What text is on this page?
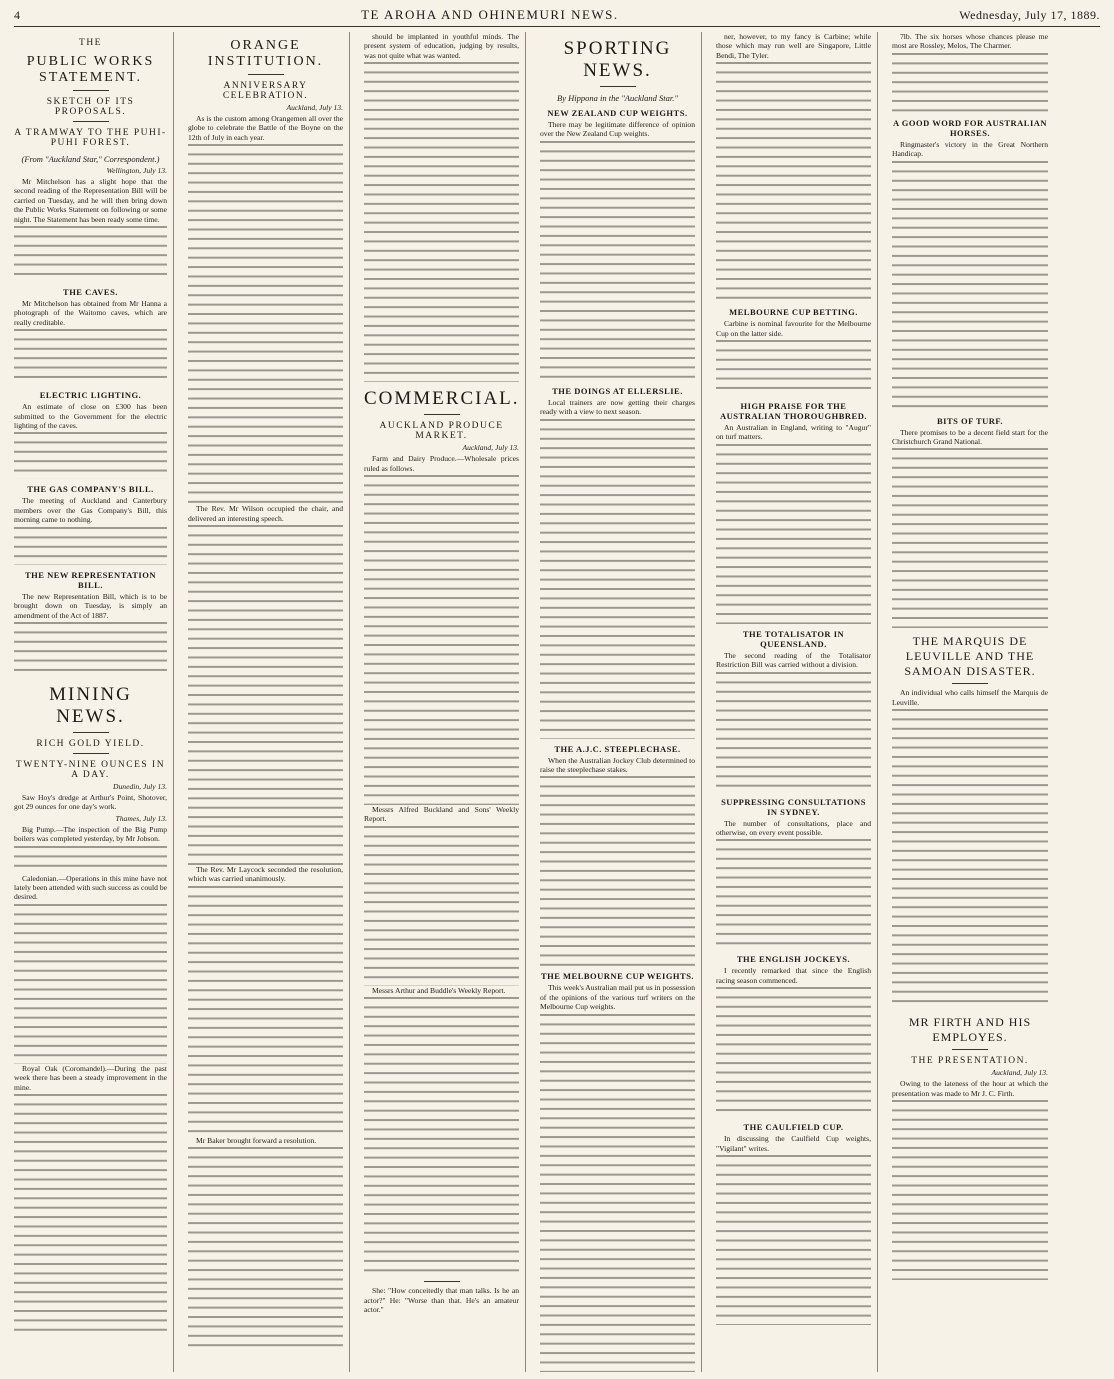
4	TE AROHA AND OHINEMURI NEWS.	Wednesday, July 17, 1889.
THE
PUBLIC WORKS STATEMENT.
SKETCH OF ITS PROPOSALS.
A TRAMWAY TO THE PUHI-PUHI FOREST.
(From "Auckland Star," Correspondent.)
Wellington, July 13.

Mr Mitchelson has a slight hope that the second reading of the Representation Bill will be carried on Tuesday, and he will then bring down the Public Works Statement on following or some night. The Statement has been ready some time.

THE CAVES.

Mr Mitchelson has obtained from Mr Hanna a photograph of the Waitomo caves, which are really creditable.

ELECTRIC LIGHTING.

An estimate of close on £300 has been submitted to the Government for the electric lighting of the caves.

THE GAS COMPANY'S BILL.

The meeting of Auckland and Canterbury members over the Gas Company's Bill, this morning came to nothing.

THE NEW REPRESENTATION BILL.

The new Representation Bill, which is to be brought down on Tuesday, is simply an amendment of the Act of 1887.

MINING NEWS.
RICH GOLD YIELD.
TWENTY-NINE OUNCES IN A DAY.
Dunedin, July 13.

Saw Hoy's dredge at Arthur's Point, Shotover, got 29 ounces for one day's work.

Thames, July 13.

Big Pump.—The inspection of the Big Pump boilers was completed yesterday, by Mr Jobson.

Caledonian.—Operations in this mine have not lately been attended with such success as could be desired.

Royal Oak (Coromandel).—During the past week there has been a steady improvement in the mine.

ORANGE INSTITUTION.
ANNIVERSARY CELEBRATION.
Auckland, July 13.

As is the custom among Orangemen all over the globe to celebrate the Battle of the Boyne on the 12th of July in each year.

The Rev. Mr Wilson occupied the chair, and delivered an interesting speech.

The Rev. Mr Laycock seconded the resolution, which was carried unanimously.

Mr Baker brought forward a resolution.

should be implanted in youthful minds. The present system of education, judging by results, was not quite what was wanted.

COMMERCIAL.
AUCKLAND PRODUCE MARKET.
Auckland, July 13.

Farm and Dairy Produce.—Wholesale prices ruled as follows.

Messrs Alfred Buckland and Sons' Weekly Report.

Messrs Arthur and Buddle's Weekly Report.

She: "How conceitedly that man talks. Is he an actor?" He: "Worse than that. He's an amateur actor."

SPORTING NEWS.
By Hippona in the "Auckland Star."
NEW ZEALAND CUP WEIGHTS.

There may be legitimate difference of opinion over the New Zealand Cup weights.

THE DOINGS AT ELLERSLIE.

Local trainers are now getting their charges ready with a view to next season.

THE A.J.C. STEEPLECHASE.

When the Australian Jockey Club determined to raise the steeplechase stakes.

THE MELBOURNE CUP WEIGHTS.

This week's Australian mail put us in possession of the opinions of the various turf writers on the Melbourne Cup weights.

ner, however, to my fancy is Carbine; while those which may run well are Singapore, Little Bendi, The Tyler.

MELBOURNE CUP BETTING.

Carbine is nominal favourite for the Melbourne Cup on the latter side.

HIGH PRAISE FOR THE AUSTRALIAN THOROUGHBRED.

An Australian in England, writing to "Augur" on turf matters.

THE TOTALISATOR IN QUEENSLAND.

The second reading of the Totalisator Restriction Bill was carried without a division.

SUPPRESSING CONSULTATIONS IN SYDNEY.

The number of consultations, place and otherwise, on every event possible.

THE ENGLISH JOCKEYS.

I recently remarked that since the English racing season commenced.

THE CAULFIELD CUP.

In discussing the Caulfield Cup weights, "Vigilant" writes.

7lb. The six horses whose chances please me most are Rossley, Melos, The Charmer.

A GOOD WORD FOR AUSTRALIAN HORSES.

Ringmaster's victory in the Great Northern Handicap.

BITS OF TURF.

There promises to be a decent field start for the Christchurch Grand National.

THE MARQUIS DE LEUVILLE AND THE SAMOAN DISASTER.

An individual who calls himself the Marquis de Leuville.

MR FIRTH AND HIS EMPLOYES.
THE PRESENTATION.
Auckland, July 13.

Owing to the lateness of the hour at which the presentation was made to Mr J. C. Firth.
